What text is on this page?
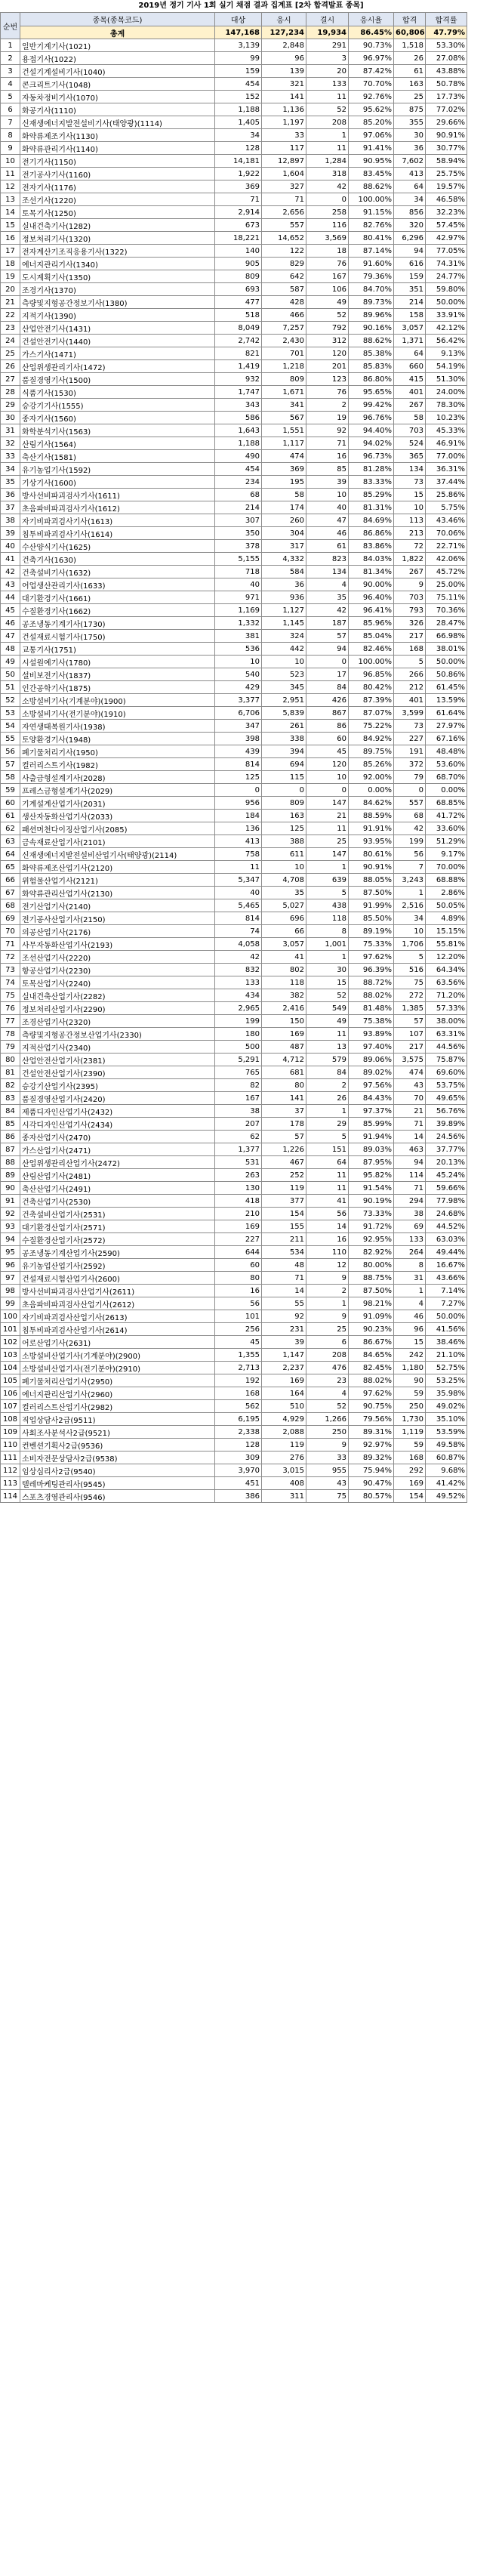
2019년 정기 기사 1회 실기 채점 결과 집계표 [2차 합격발표 종목]
순번	종목(종목코드)	대상	응시	결시	응시율	합격	합격률
	총계	147,168	127,234	19,934	86.45%	60,806	47.79%
1	일반기계기사(1021)	3,139	2,848	291	90.73%	1,518	53.30%
2	용접기사(1022)	99	96	3	96.97%	26	27.08%
3	건설기계설비기사(1040)	159	139	20	87.42%	61	43.88%
4	콘크리트기사(1048)	454	321	133	70.70%	163	50.78%
5	자동차정비기사(1070)	152	141	11	92.76%	25	17.73%
6	화공기사(1110)	1,188	1,136	52	95.62%	875	77.02%
7	신재생에너지발전설비기사(태양광)(1114)	1,405	1,197	208	85.20%	355	29.66%
8	화약류제조기사(1130)	34	33	1	97.06%	30	90.91%
9	화약류관리기사(1140)	128	117	11	91.41%	36	30.77%
10	전기기사(1150)	14,181	12,897	1,284	90.95%	7,602	58.94%
11	전기공사기사(1160)	1,922	1,604	318	83.45%	413	25.75%
12	전자기사(1176)	369	327	42	88.62%	64	19.57%
13	조선기사(1220)	71	71	0	100.00%	34	46.58%
14	토목기사(1250)	2,914	2,656	258	91.15%	856	32.23%
15	실내건축기사(1282)	673	557	116	82.76%	320	57.45%
16	정보처리기사(1320)	18,221	14,652	3,569	80.41%	6,296	42.97%
17	전자계산기조직응용기사(1322)	140	122	18	87.14%	94	77.05%
18	에너지관리기사(1340)	905	829	76	91.60%	616	74.31%
19	도시계획기사(1350)	809	642	167	79.36%	159	24.77%
20	조경기사(1370)	693	587	106	84.70%	351	59.80%
21	측량및지형공간정보기사(1380)	477	428	49	89.73%	214	50.00%
22	지적기사(1390)	518	466	52	89.96%	158	33.91%
23	산업안전기사(1431)	8,049	7,257	792	90.16%	3,057	42.12%
24	건설안전기사(1440)	2,742	2,430	312	88.62%	1,371	56.42%
25	가스기사(1471)	821	701	120	85.38%	64	9.13%
26	산업위생관리기사(1472)	1,419	1,218	201	85.83%	660	54.19%
27	품질경영기사(1500)	932	809	123	86.80%	415	51.30%
28	식품기사(1530)	1,747	1,671	76	95.65%	401	24.00%
29	승강기기사(1555)	343	341	2	99.42%	267	78.30%
30	종자기사(1560)	586	567	19	96.76%	58	10.23%
31	화학분석기사(1563)	1,643	1,551	92	94.40%	703	45.33%
32	산림기사(1564)	1,188	1,117	71	94.02%	524	46.91%
33	축산기사(1581)	490	474	16	96.73%	365	77.00%
34	유기농업기사(1592)	454	369	85	81.28%	134	36.31%
35	기상기사(1600)	234	195	39	83.33%	73	37.44%
36	방사선비파괴검사기사(1611)	68	58	10	85.29%	15	25.86%
37	초음파비파괴검사기사(1612)	214	174	40	81.31%	10	5.75%
38	자기비파괴검사기사(1613)	307	260	47	84.69%	113	43.46%
39	침투비파괴검사기사(1614)	350	304	46	86.86%	213	70.06%
40	수산양식기사(1625)	378	317	61	83.86%	72	22.71%
41	건축기사(1630)	5,155	4,332	823	84.03%	1,822	42.06%
42	건축설비기사(1632)	718	584	134	81.34%	267	45.72%
43	어업생산관리기사(1633)	40	36	4	90.00%	9	25.00%
44	대기환경기사(1661)	971	936	35	96.40%	703	75.11%
45	수질환경기사(1662)	1,169	1,127	42	96.41%	793	70.36%
46	공조냉동기계기사(1730)	1,332	1,145	187	85.96%	326	28.47%
47	건설재료시험기사(1750)	381	324	57	85.04%	217	66.98%
48	교통기사(1751)	536	442	94	82.46%	168	38.01%
49	시설원예기사(1780)	10	10	0	100.00%	5	50.00%
50	설비보전기사(1837)	540	523	17	96.85%	266	50.86%
51	인간공학기사(1875)	429	345	84	80.42%	212	61.45%
52	소방설비기사(기계분야)(1900)	3,377	2,951	426	87.39%	401	13.59%
53	소방설비기사(전기분야)(1910)	6,706	5,839	867	87.07%	3,599	61.64%
54	자연생태복원기사(1938)	347	261	86	75.22%	73	27.97%
55	토양환경기사(1948)	398	338	60	84.92%	227	67.16%
56	폐기물처리기사(1950)	439	394	45	89.75%	191	48.48%
57	컬러리스트기사(1982)	814	694	120	85.26%	372	53.60%
58	사출금형설계기사(2028)	125	115	10	92.00%	79	68.70%
59	프레스금형설계기사(2029)	0	0	0	0.00%	0	0.00%
60	기계설계산업기사(2031)	956	809	147	84.62%	557	68.85%
61	생산자동화산업기사(2033)	184	163	21	88.59%	68	41.72%
62	패션머천다이징산업기사(2085)	136	125	11	91.91%	42	33.60%
63	금속재료산업기사(2101)	413	388	25	93.95%	199	51.29%
64	신재생에너지발전설비산업기사(태양광)(2114)	758	611	147	80.61%	56	9.17%
65	화약류제조산업기사(2120)	11	10	1	90.91%	7	70.00%
66	위험물산업기사(2121)	5,347	4,708	639	88.05%	3,243	68.88%
67	화약류관리산업기사(2130)	40	35	5	87.50%	1	2.86%
68	전기산업기사(2140)	5,465	5,027	438	91.99%	2,516	50.05%
69	전기공사산업기사(2150)	814	696	118	85.50%	34	4.89%
70	의공산업기사(2176)	74	66	8	89.19%	10	15.15%
71	사무자동화산업기사(2193)	4,058	3,057	1,001	75.33%	1,706	55.81%
72	조선산업기사(2220)	42	41	1	97.62%	5	12.20%
73	항공산업기사(2230)	832	802	30	96.39%	516	64.34%
74	토목산업기사(2240)	133	118	15	88.72%	75	63.56%
75	실내건축산업기사(2282)	434	382	52	88.02%	272	71.20%
76	정보처리산업기사(2290)	2,965	2,416	549	81.48%	1,385	57.33%
77	조경산업기사(2320)	199	150	49	75.38%	57	38.00%
78	측량및지형공간정보산업기사(2330)	180	169	11	93.89%	107	63.31%
79	지적산업기사(2340)	500	487	13	97.40%	217	44.56%
80	산업안전산업기사(2381)	5,291	4,712	579	89.06%	3,575	75.87%
81	건설안전산업기사(2390)	765	681	84	89.02%	474	69.60%
82	승강기산업기사(2395)	82	80	2	97.56%	43	53.75%
83	품질경영산업기사(2420)	167	141	26	84.43%	70	49.65%
84	제품디자인산업기사(2432)	38	37	1	97.37%	21	56.76%
85	시각디자인산업기사(2434)	207	178	29	85.99%	71	39.89%
86	종자산업기사(2470)	62	57	5	91.94%	14	24.56%
87	가스산업기사(2471)	1,377	1,226	151	89.03%	463	37.77%
88	산업위생관리산업기사(2472)	531	467	64	87.95%	94	20.13%
89	산림산업기사(2481)	263	252	11	95.82%	114	45.24%
90	축산산업기사(2491)	130	119	11	91.54%	71	59.66%
91	건축산업기사(2530)	418	377	41	90.19%	294	77.98%
92	건축설비산업기사(2531)	210	154	56	73.33%	38	24.68%
93	대기환경산업기사(2571)	169	155	14	91.72%	69	44.52%
94	수질환경산업기사(2572)	227	211	16	92.95%	133	63.03%
95	공조냉동기계산업기사(2590)	644	534	110	82.92%	264	49.44%
96	유기농업산업기사(2592)	60	48	12	80.00%	8	16.67%
97	건설재료시험산업기사(2600)	80	71	9	88.75%	31	43.66%
98	방사선비파괴검사산업기사(2611)	16	14	2	87.50%	1	7.14%
99	초음파비파괴검사산업기사(2612)	56	55	1	98.21%	4	7.27%
100	자기비파괴검사산업기사(2613)	101	92	9	91.09%	46	50.00%
101	침투비파괴검사산업기사(2614)	256	231	25	90.23%	96	41.56%
102	어로산업기사(2631)	45	39	6	86.67%	15	38.46%
103	소방설비산업기사(기계분야)(2900)	1,355	1,147	208	84.65%	242	21.10%
104	소방설비산업기사(전기분야)(2910)	2,713	2,237	476	82.45%	1,180	52.75%
105	폐기물처리산업기사(2950)	192	169	23	88.02%	90	53.25%
106	에너지관리산업기사(2960)	168	164	4	97.62%	59	35.98%
107	컬러리스트산업기사(2982)	562	510	52	90.75%	250	49.02%
108	직업상담사2급(9511)	6,195	4,929	1,266	79.56%	1,730	35.10%
109	사회조사분석사2급(9521)	2,338	2,088	250	89.31%	1,119	53.59%
110	컨벤션기획사2급(9536)	128	119	9	92.97%	59	49.58%
111	소비자전문상담사2급(9538)	309	276	33	89.32%	168	60.87%
112	임상심리사2급(9540)	3,970	3,015	955	75.94%	292	9.68%
113	텔레마케팅관리사(9545)	451	408	43	90.47%	169	41.42%
114	스포츠경영관리사(9546)	386	311	75	80.57%	154	49.52%
